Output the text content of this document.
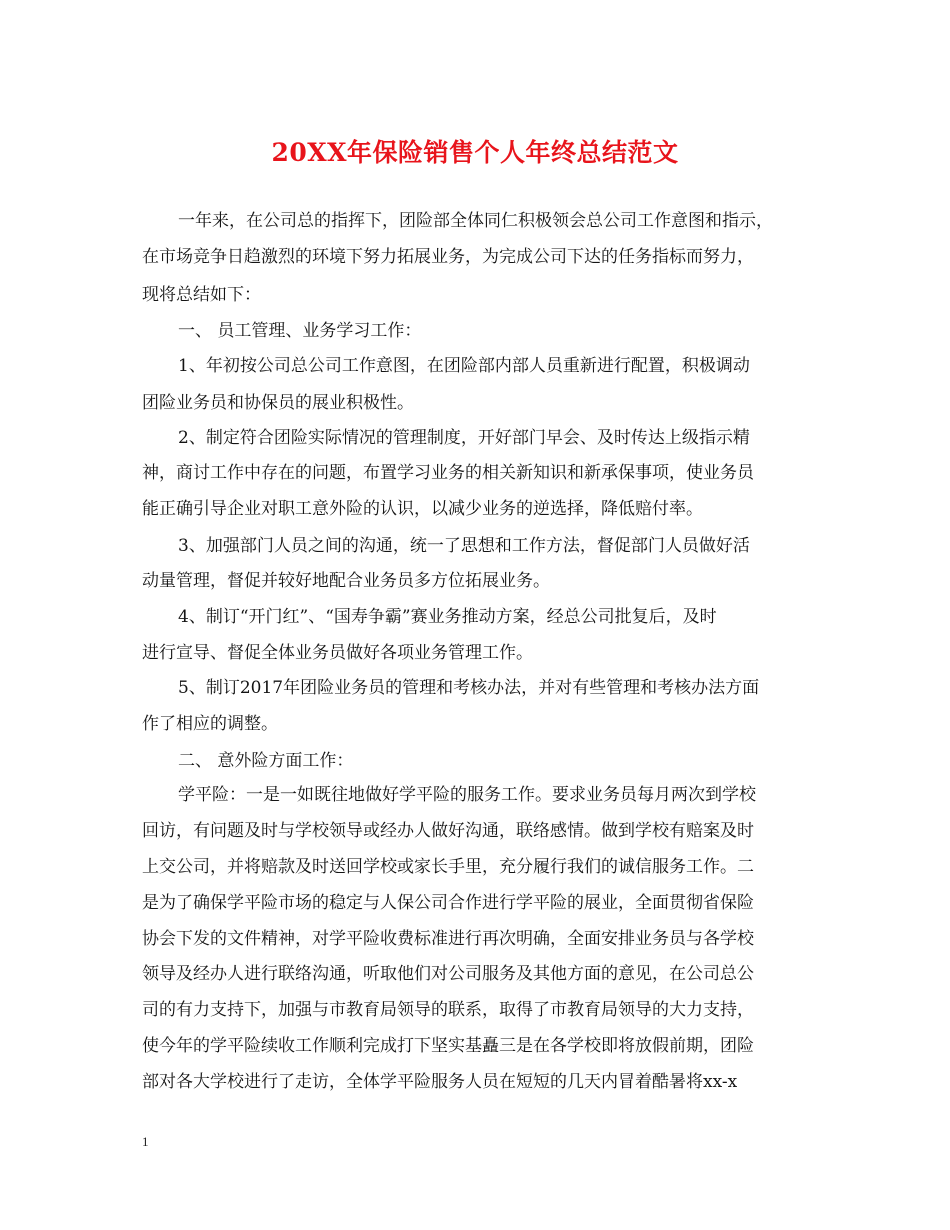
20XX年保险销售个人年终总结范文
一年来，在公司总的指挥下，团险部全体同仁积极领会总公司工作意图和指示，
在市场竞争日趋激烈的环境下努力拓展业务，为完成公司下达的任务指标而努力，
现将总结如下：
一、 员工管理、业务学习工作：
1、年初按公司总公司工作意图，在团险部内部人员重新进行配置，积极调动
团险业务员和协保员的展业积极性。
2、制定符合团险实际情况的管理制度，开好部门早会、及时传达上级指示精
神，商讨工作中存在的问题，布置学习业务的相关新知识和新承保事项，使业务员
能正确引导企业对职工意外险的认识，以减少业务的逆选择，降低赔付率。
3、加强部门人员之间的沟通，统一了思想和工作方法，督促部门人员做好活
动量管理，督促并较好地配合业务员多方位拓展业务。
4、制订“开门红”、“国寿争霸”赛业务推动方案，经总公司批复后，及时
进行宣导、督促全体业务员做好各项业务管理工作。
5、制订2017年团险业务员的管理和考核办法，并对有些管理和考核办法方面
作了相应的调整。
二、 意外险方面工作：
学平险：一是一如既往地做好学平险的服务工作。要求业务员每月两次到学校
回访，有问题及时与学校领导或经办人做好沟通，联络感情。做到学校有赔案及时
上交公司，并将赔款及时送回学校或家长手里，充分履行我们的诚信服务工作。二
是为了确保学平险市场的稳定与人保公司合作进行学平险的展业，全面贯彻省保险
协会下发的文件精神，对学平险收费标准进行再次明确，全面安排业务员与各学校
领导及经办人进行联络沟通，听取他们对公司服务及其他方面的意见，在公司总公
司的有力支持下，加强与市教育局领导的联系，取得了市教育局领导的大力支持，
使今年的学平险续收工作顺利完成打下坚实基矗三是在各学校即将放假前期，团险
部对各大学校进行了走访，全体学平险服务人员在短短的几天内冒着酷暑将xx-x
1
